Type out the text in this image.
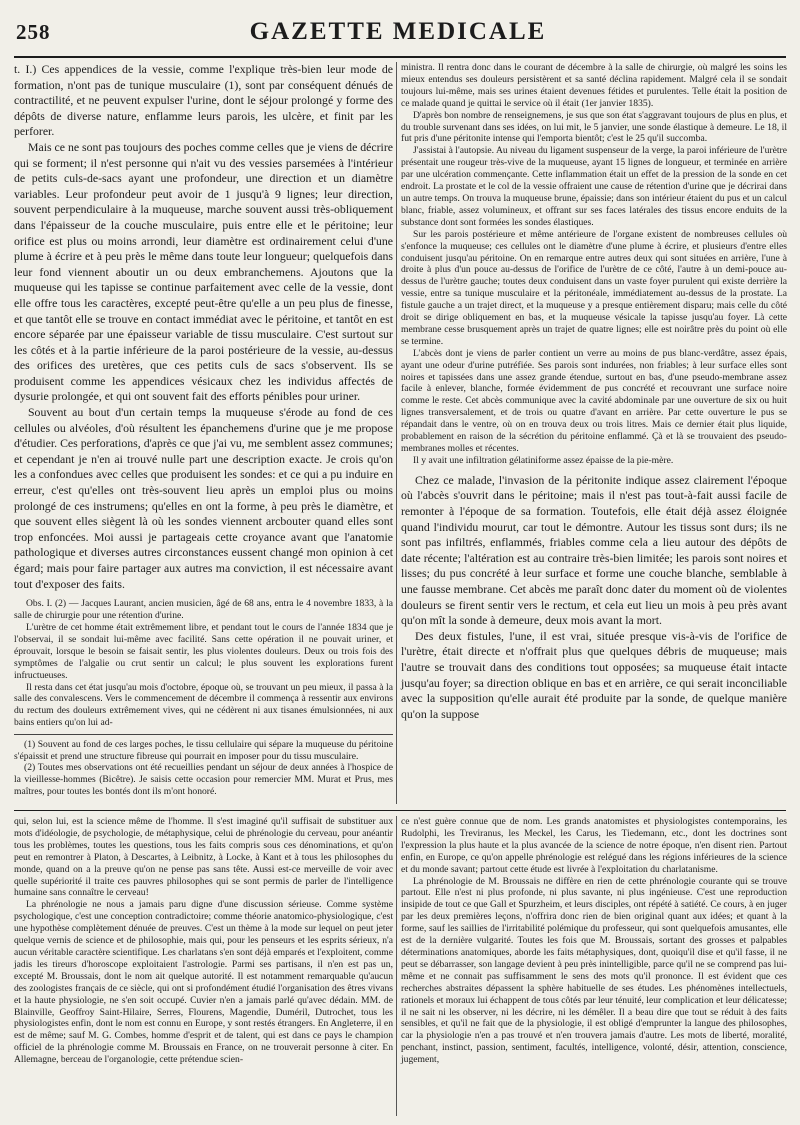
258	GAZETTE MEDICALE

t. I.) Ces appendices de la vessie, comme l'explique très-bien leur mode de formation, n'ont pas de tunique musculaire (1), sont par conséquent dénués de contractilité, et ne peuvent expulser l'urine, dont le séjour prolongé y forme des dépôts de diverse nature, enflamme leurs parois, les ulcère, et finit par les perforer.

Mais ce ne sont pas toujours des poches comme celles que je viens de décrire qui se forment; il n'est personne qui n'ait vu des vessies parsemées à l'intérieur de petits culs-de-sacs ayant une profondeur, une direction et un diamètre variables. Leur profondeur peut avoir de 1 jusqu'à 9 lignes; leur direction, souvent perpendiculaire à la muqueuse, marche souvent aussi très-obliquement dans l'épaisseur de la couche musculaire, puis entre elle et le péritoine; leur orifice est plus ou moins arrondi, leur diamètre est ordinairement celui d'une plume à écrire et à peu près le même dans toute leur longueur; quelquefois dans leur fond viennent aboutir un ou deux embranchemens. Ajoutons que la muqueuse qui les tapisse se continue parfaitement avec celle de la vessie, dont elle offre tous les caractères, excepté peut-être qu'elle a un peu plus de finesse, et que tantôt elle se trouve en contact immédiat avec le péritoine, et tantôt en est encore séparée par une épaisseur variable de tissu musculaire. C'est surtout sur les côtés et à la partie inférieure de la paroi postérieure de la vessie, au-dessus des orifices des uretères, que ces petits culs de sacs s'observent. Ils se produisent comme les appendices vésicaux chez les individus affectés de dysurie prolongée, et qui ont souvent fait des efforts pénibles pour uriner.

Souvent au bout d'un certain temps la muqueuse s'érode au fond de ces cellules ou alvéoles, d'où résultent les épanchemens d'urine que je me propose d'étudier. Ces perforations, d'après ce que j'ai vu, me semblent assez communes; et cependant je n'en ai trouvé nulle part une description exacte. Je crois qu'on les a confondues avec celles que produisent les sondes: et ce qui a pu induire en erreur, c'est qu'elles ont très-souvent lieu après un emploi plus ou moins prolongé de ces instrumens; qu'elles en ont la forme, à peu près le diamètre, et que souvent elles siègent là où les sondes viennent arcbouter quand elles sont trop enfoncées. Moi aussi je partageais cette croyance avant que l'anatomie pathologique et diverses autres circonstances eussent changé mon opinion à cet égard; mais pour faire partager aux autres ma conviction, il est nécessaire avant tout d'exposer des faits.

Obs. I. (2) — Jacques Laurant, ancien musicien, âgé de 68 ans, entra le 4 novembre 1833, à la salle de chirurgie pour une rétention d'urine.

L'urètre de cet homme était extrêmement libre, et pendant tout le cours de l'année 1834 que je l'observai, il se sondait lui-même avec facilité. Sans cette opération il ne pouvait uriner, et éprouvait, lorsque le besoin se faisait sentir, les plus violentes douleurs. Deux ou trois fois des symptômes de l'algalie ou crut sentir un calcul; le plus souvent les explorations furent infructueuses.

Il resta dans cet état jusqu'au mois d'octobre, époque où, se trouvant un peu mieux, il passa à la salle des convalescens. Vers le commencement de décembre il commença à ressentir aux environs du rectum des douleurs extrêmement vives, qui ne cédèrent ni aux tisanes émulsionnées, ni aux bains entiers qu'on lui ad-

(1) Souvent au fond de ces larges poches, le tissu cellulaire qui sépare la muqueuse du péritoine s'épaissit et prend une structure fibreuse qui pourrait en imposer pour du tissu musculaire.

(2) Toutes mes observations ont été recueillies pendant un séjour de deux années à l'hospice de la vieillesse-hommes (Bicêtre). Je saisis cette occasion pour remercier MM. Murat et Prus, mes maîtres, pour toutes les bontés dont ils m'ont honoré.

ministra. Il rentra donc dans le courant de décembre à la salle de chirurgie, où malgré les soins les mieux entendus ses douleurs persistèrent et sa santé déclina rapidement. Malgré cela il se sondait toujours lui-même, mais ses urines étaient devenues fétides et purulentes. Telle était la position de ce malade quand je quittai le service où il était (1er janvier 1835).

D'après bon nombre de renseignemens, je sus que son état s'aggravant toujours de plus en plus, et du trouble survenant dans ses idées, on lui mit, le 5 janvier, une sonde élastique à demeure. Le 18, il fut pris d'une péritonite intense qui l'emporta bientôt; c'est le 25 qu'il succomba.

J'assistai à l'autopsie. Au niveau du ligament suspenseur de la verge, la paroi inférieure de l'urètre présentait une rougeur très-vive de la muqueuse, ayant 15 lignes de longueur, et terminée en arrière par une ulcération commençante. Cette inflammation était un effet de la pression de la sonde en cet endroit. La prostate et le col de la vessie offraient une cause de rétention d'urine que je décrirai dans un autre temps. On trouva la muqueuse brune, épaissie; dans son intérieur étaient du pus et un calcul blanc, friable, assez volumineux, et offrant sur ses faces latérales des tissus encore enduits de la substance dont sont formées les sondes élastiques.

Sur les parois postérieure et même antérieure de l'organe existent de nombreuses cellules où s'enfonce la muqueuse; ces cellules ont le diamètre d'une plume à écrire, et plusieurs d'entre elles conduisent jusqu'au péritoine. On en remarque entre autres deux qui sont situées en arrière, l'une à droite à plus d'un pouce au-dessus de l'orifice de l'urètre de ce côté, l'autre à un demi-pouce au-dessus de l'urètre gauche; toutes deux conduisent dans un vaste foyer purulent qui existe derrière la vessie, entre sa tunique musculaire et la péritonéale, immédiatement au-dessus de la prostate. La fistule gauche a un trajet direct, et la muqueuse y a presque entièrement disparu; mais celle du côté droit se dirige obliquement en bas, et la muqueuse vésicale la tapisse jusqu'au foyer. Là cette membrane cesse brusquement après un trajet de quatre lignes; elle est noirâtre près du point où elle se termine.

L'abcès dont je viens de parler contient un verre au moins de pus blanc-verdâtre, assez épais, ayant une odeur d'urine putréfiée. Ses parois sont indurées, non friables; à leur surface elles sont noires et tapissées dans une assez grande étendue, surtout en bas, d'une pseudo-membrane assez facile à enlever, blanche, formée évidemment de pus concrété et recouvrant une surface noire comme le reste. Cet abcès communique avec la cavité abdominale par une ouverture de six ou huit lignes transversalement, et de trois ou quatre d'avant en arrière. Par cette ouverture le pus se répandait dans le ventre, où on en trouva deux ou trois litres. Mais ce dernier était plus liquide, probablement en raison de la sécrétion du péritoine enflammé. Çà et là se trouvaient des pseudo-membranes molles et récentes.

Il y avait une infiltration gélatiniforme assez épaisse de la pie-mère.

Chez ce malade, l'invasion de la péritonite indique assez clairement l'époque où l'abcès s'ouvrit dans le péritoine; mais il n'est pas tout-à-fait aussi facile de remonter à l'époque de sa formation. Toutefois, elle était déjà assez éloignée quand l'individu mourut, car tout le démontre. Autour les tissus sont durs; ils ne sont pas infiltrés, enflammés, friables comme cela a lieu autour des dépôts de date récente; l'altération est au contraire très-bien limitée; les parois sont noires et lisses; du pus concrété à leur surface et forme une couche blanche, semblable à une fausse membrane. Cet abcès me paraît donc dater du moment où de violentes douleurs se firent sentir vers le rectum, et cela eut lieu un mois à peu près avant qu'on mît la sonde à demeure, deux mois avant la mort.

Des deux fistules, l'une, il est vrai, située presque vis-à-vis de l'orifice de l'urètre, était directe et n'offrait plus que quelques débris de muqueuse; mais l'autre se trouvait dans des conditions tout opposées; sa muqueuse était intacte jusqu'au foyer; sa direction oblique en bas et en arrière, ce qui serait inconciliable avec la supposition qu'elle aurait été produite par la sonde, de quelque manière qu'on la suppose

qui, selon lui, est la science même de l'homme. Il s'est imaginé qu'il suffisait de substituer aux mots d'idéologie, de psychologie, de métaphysique, celui de phrénologie du cerveau, pour anéantir tous les problèmes, toutes les questions, tous les faits compris sous ces dénominations, et qu'on peut en remontrer à Platon, à Descartes, à Leibnitz, à Locke, à Kant et à tous les philosophes du monde, quand on a la preuve qu'on ne pense pas sans tête. Aussi est-ce merveille de voir avec quelle supériorité il traite ces pauvres philosophes qui se sont permis de parler de l'intelligence humaine sans connaître le cerveau!

La phrénologie ne nous a jamais paru digne d'une discussion sérieuse. Comme système psychologique, c'est une conception contradictoire; comme théorie anatomico-physiologique, c'est une hypothèse complètement dénuée de preuves. C'est un thème à la mode sur lequel on peut jeter quelque vernis de science et de philosophie, mais qui, pour les penseurs et les esprits sérieux, n'a aucun véritable caractère scientifique. Les charlatans s'en sont déjà emparés et l'exploitent, comme jadis les tireurs d'horoscope exploitaient l'astrologie. Parmi ses partisans, il n'en est pas un, excepté M. Broussais, dont le nom ait quelque autorité. Il est notamment remarquable qu'aucun des zoologistes français de ce siècle, qui ont si profondément étudié l'organisation des êtres vivans et la haute physiologie, ne s'en soit occupé. Cuvier n'en a jamais parlé qu'avec dédain. MM. de Blainville, Geoffroy Saint-Hilaire, Serres, Flourens, Magendie, Duméril, Dutrochet, tous les physiologistes enfin, dont le nom est connu en Europe, y sont restés étrangers. En Angleterre, il en est de même; sauf M. G. Combes, homme d'esprit et de talent, qui est dans ce pays le champion officiel de la phrénologie comme M. Broussais en France, on ne trouverait personne à citer. En Allemagne, berceau de l'organologie, cette prétendue scien-

ce n'est guère connue que de nom. Les grands anatomistes et physiologistes contemporains, les Rudolphi, les Treviranus, les Meckel, les Carus, les Tiedemann, etc., dont les doctrines sont l'expression la plus haute et la plus avancée de la science de notre époque, n'en disent rien. Partout enfin, en Europe, ce qu'on appelle phrénologie est relégué dans les régions inférieures de la science et du monde savant; partout cette étude est livrée à l'exploitation du charlatanisme.

La phrénologie de M. Broussais ne diffère en rien de cette phrénologie courante qui se trouve partout. Elle n'est ni plus profonde, ni plus savante, ni plus ingénieuse. C'est une reproduction insipide de tout ce que Gall et Spurzheim, et leurs disciples, ont répété à satiété. Ce cours, à en juger par les deux premières leçons, n'offrira donc rien de bien original quant aux idées; et quant à la forme, sauf les saillies de l'irritabilité polémique du professeur, qui sont quelquefois amusantes, elle est de la dernière vulgarité. Toutes les fois que M. Broussais, sortant des grosses et palpables déterminations anatomiques, aborde les faits métaphysiques, dont, quoiqu'il dise et qu'il fasse, il ne peut se débarrasser, son langage devient à peu près inintelligible, parce qu'il ne se comprend pas lui-même et ne connait pas suffisamment le sens des mots qu'il prononce. Il est évident que ces recherches abstraites dépassent la sphère habituelle de ses études. Les phénomènes intellectuels, rationels et moraux lui échappent de tous côtés par leur ténuité, leur complication et leur délicatesse; il ne sait ni les observer, ni les décrire, ni les démêler. Il a beau dire que tout se réduit à des faits sensibles, et qu'il ne fait que de la physiologie, il est obligé d'emprunter la langue des philosophes, car la physiologie n'en a pas trouvé et n'en trouvera jamais d'autre. Les mots de liberté, moralité, penchant, instinct, passion, sentiment, facultés, intelligence, volonté, désir, attention, conscience, jugement,
